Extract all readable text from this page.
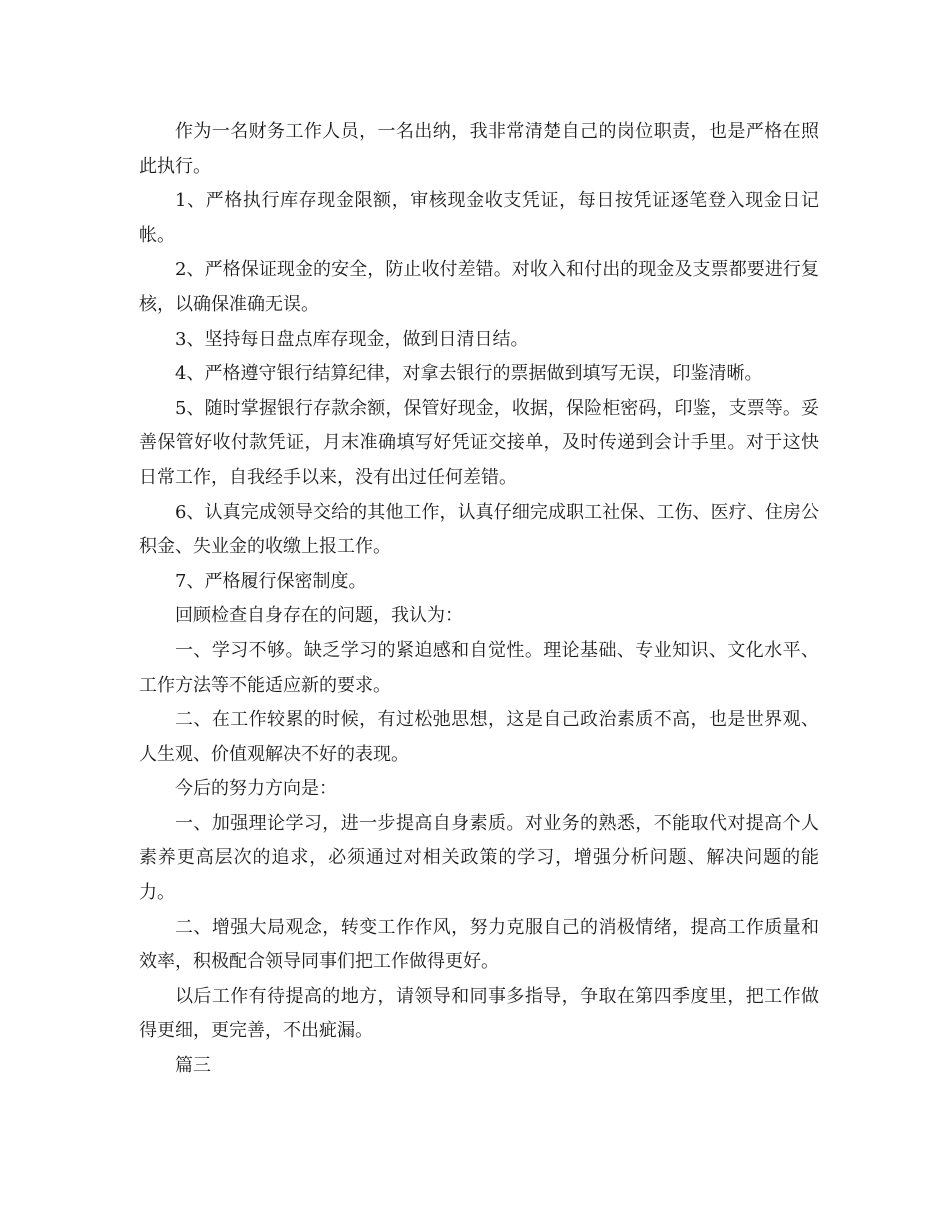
作为一名财务工作人员，一名出纳，我非常清楚自己的岗位职责，也是严格在照此执行。

1、严格执行库存现金限额，审核现金收支凭证，每日按凭证逐笔登入现金日记帐。

2、严格保证现金的安全，防止收付差错。对收入和付出的现金及支票都要进行复核，以确保准确无误。

3、坚持每日盘点库存现金，做到日清日结。

4、严格遵守银行结算纪律，对拿去银行的票据做到填写无误，印鉴清晰。

5、随时掌握银行存款余额，保管好现金，收据，保险柜密码，印鉴，支票等。妥善保管好收付款凭证，月末准确填写好凭证交接单，及时传递到会计手里。对于这快日常工作，自我经手以来，没有出过任何差错。

6、认真完成领导交给的其他工作，认真仔细完成职工社保、工伤、医疗、住房公积金、失业金的收缴上报工作。

7、严格履行保密制度。

回顾检查自身存在的问题，我认为：

一、学习不够。缺乏学习的紧迫感和自觉性。理论基础、专业知识、文化水平、工作方法等不能适应新的要求。

二、在工作较累的时候，有过松弛思想，这是自己政治素质不高，也是世界观、人生观、价值观解决不好的表现。

今后的努力方向是：

一、加强理论学习，进一步提高自身素质。对业务的熟悉，不能取代对提高个人素养更高层次的追求，必须通过对相关政策的学习，增强分析问题、解决问题的能力。

二、增强大局观念，转变工作作风，努力克服自己的消极情绪，提高工作质量和效率，积极配合领导同事们把工作做得更好。

以后工作有待提高的地方，请领导和同事多指导，争取在第四季度里，把工作做得更细，更完善，不出疵漏。

篇三
